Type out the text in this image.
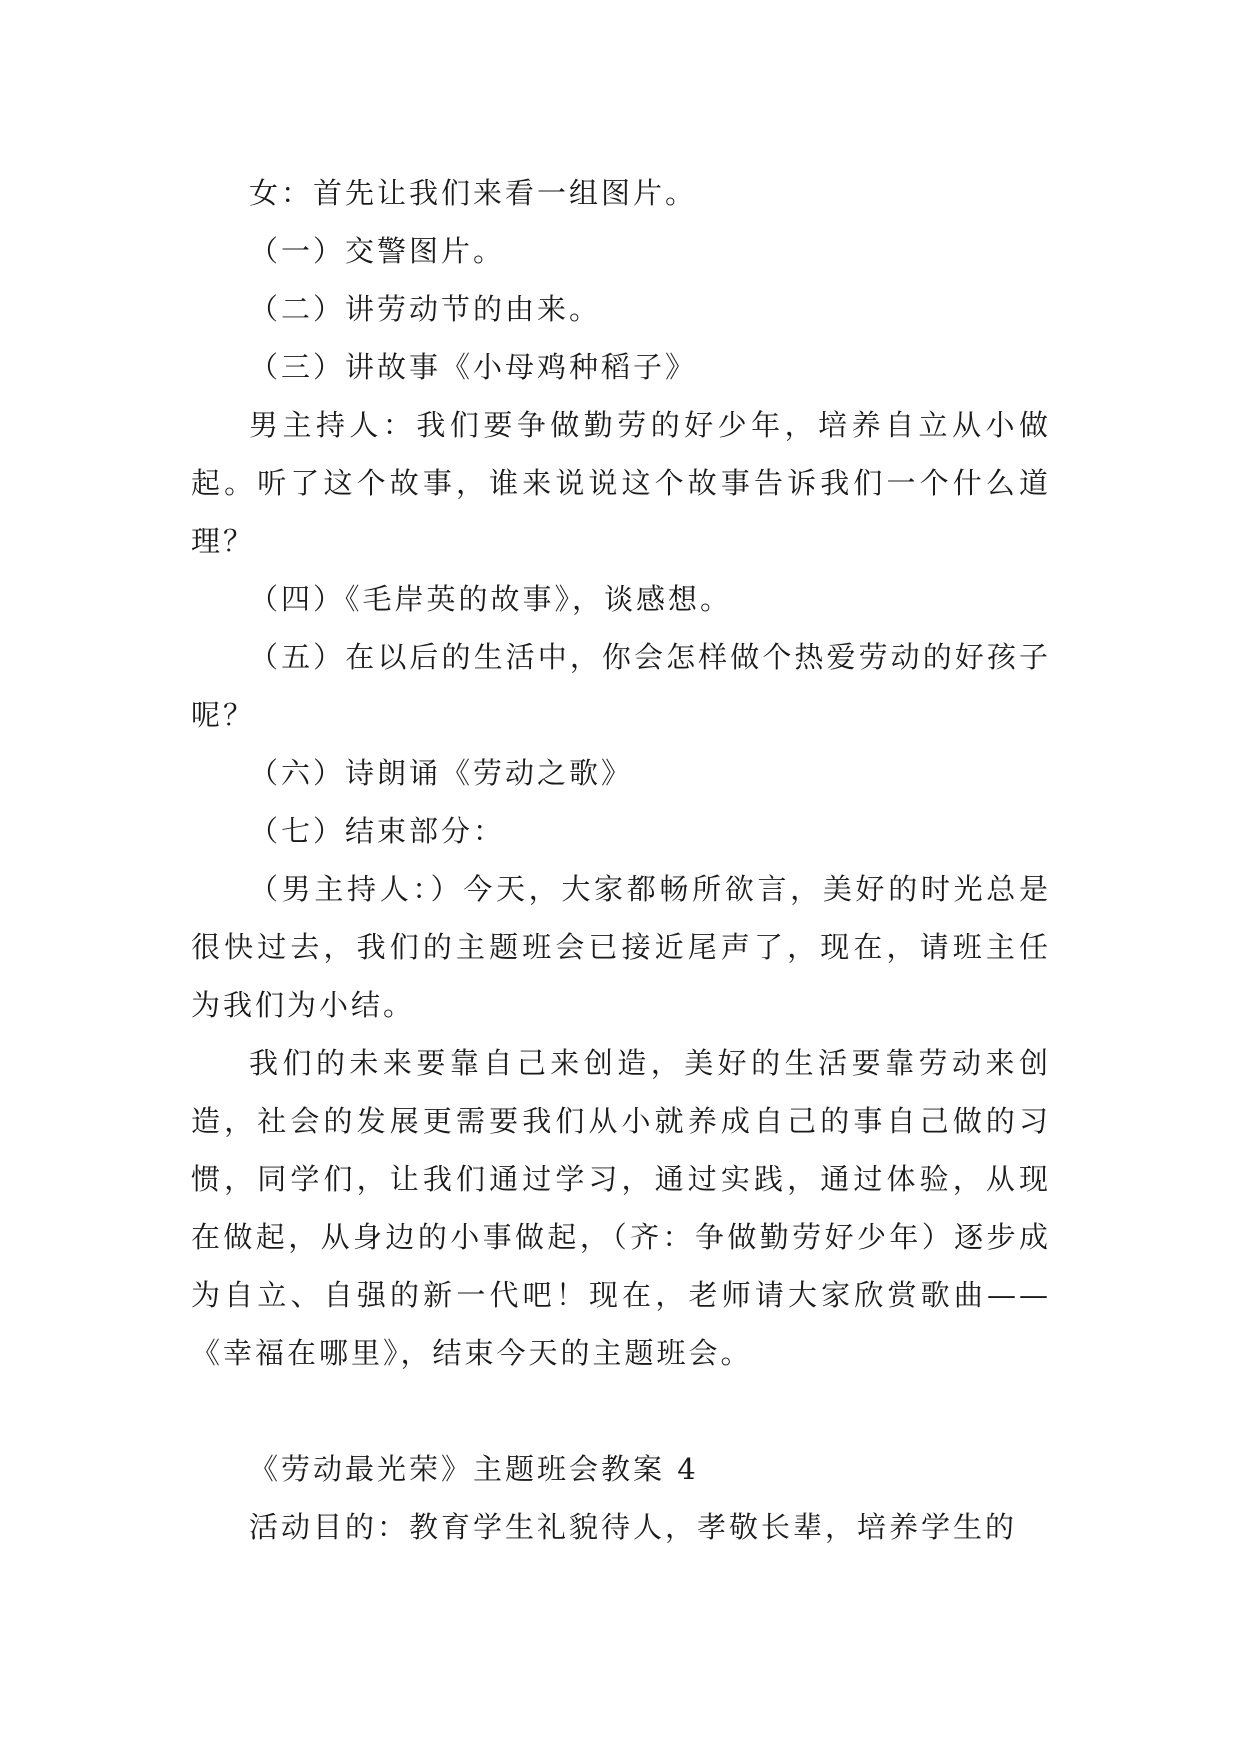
女：首先让我们来看一组图片。

（一）交警图片。

（二）讲劳动节的由来。

（三）讲故事《小母鸡种稻子》

男主持人：我们要争做勤劳的好少年，培养自立从小做起。听了这个故事，谁来说说这个故事告诉我们一个什么道理？

（四）《毛岸英的故事》，谈感想。

（五）在以后的生活中，你会怎样做个热爱劳动的好孩子呢？

（六）诗朗诵《劳动之歌》

（七）结束部分：

（男主持人：）今天，大家都畅所欲言，美好的时光总是很快过去，我们的主题班会已接近尾声了，现在，请班主任为我们为小结。

我们的未来要靠自己来创造，美好的生活要靠劳动来创造，社会的发展更需要我们从小就养成自己的事自己做的习惯，同学们，让我们通过学习，通过实践，通过体验，从现在做起，从身边的小事做起，（齐：争做勤劳好少年）逐步成为自立、自强的新一代吧！现在，老师请大家欣赏歌曲——《幸福在哪里》，结束今天的主题班会。

《劳动最光荣》主题班会教案 4

活动目的：教育学生礼貌待人，孝敬长辈，培养学生的
